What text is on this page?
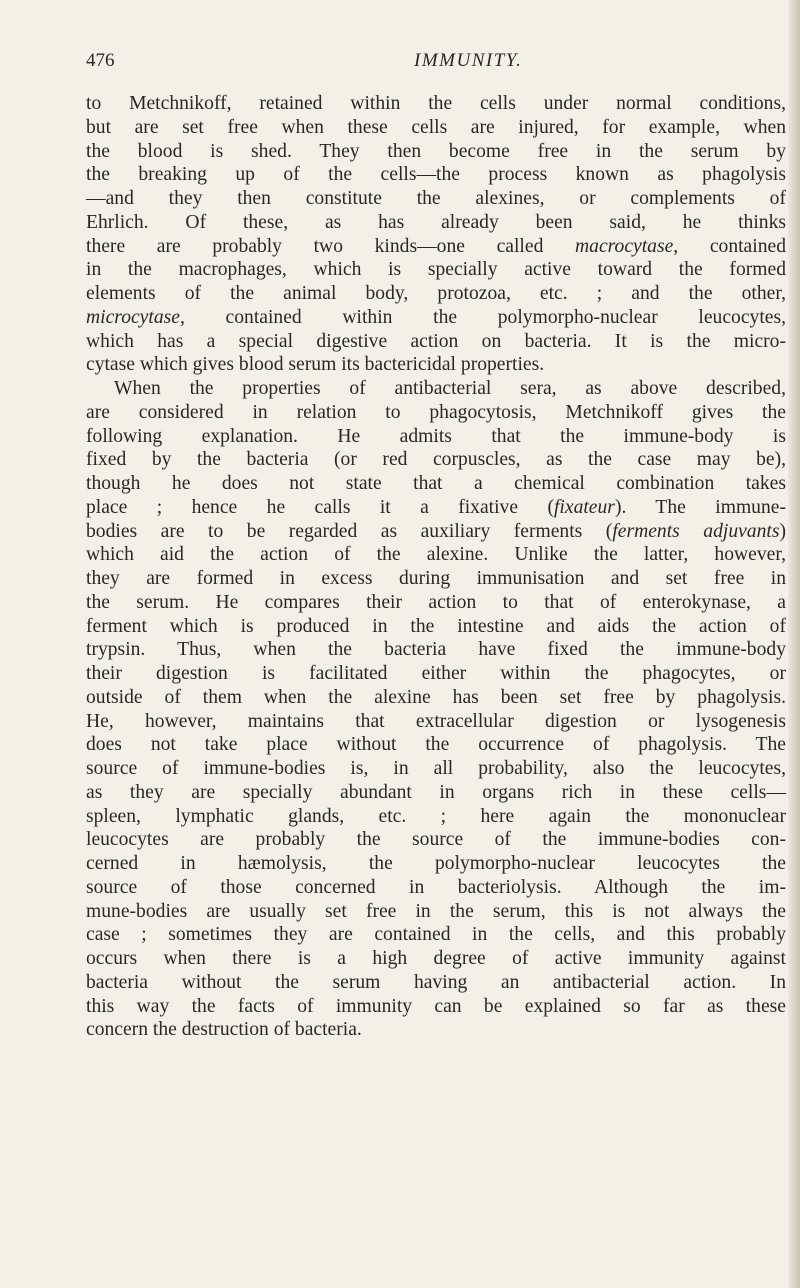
476	IMMUNITY.
to Metchnikoff, retained within the cells under normal conditions,
but are set free when these cells are injured, for example, when
the blood is shed. They then become free in the serum by
the breaking up of the cells—the process known as phagolysis
—and they then constitute the alexines, or complements of
Ehrlich. Of these, as has already been said, he thinks
there are probably two kinds—one called macrocytase, contained
in the macrophages, which is specially active toward the formed
elements of the animal body, protozoa, etc. ; and the other,
microcytase, contained within the polymorpho-nuclear leucocytes,
which has a special digestive action on bacteria. It is the micro-
cytase which gives blood serum its bactericidal properties.
When the properties of antibacterial sera, as above described,
are considered in relation to phagocytosis, Metchnikoff gives the
following explanation. He admits that the immune-body is
fixed by the bacteria (or red corpuscles, as the case may be),
though he does not state that a chemical combination takes
place ; hence he calls it a fixative (fixateur). The immune-
bodies are to be regarded as auxiliary ferments (ferments adjuvants)
which aid the action of the alexine. Unlike the latter, however,
they are formed in excess during immunisation and set free in
the serum. He compares their action to that of enterokynase, a
ferment which is produced in the intestine and aids the action of
trypsin. Thus, when the bacteria have fixed the immune-body
their digestion is facilitated either within the phagocytes, or
outside of them when the alexine has been set free by phagolysis.
He, however, maintains that extracellular digestion or lysogenesis
does not take place without the occurrence of phagolysis. The
source of immune-bodies is, in all probability, also the leucocytes,
as they are specially abundant in organs rich in these cells—
spleen, lymphatic glands, etc. ; here again the mononuclear
leucocytes are probably the source of the immune-bodies con-
cerned in hæmolysis, the polymorpho-nuclear leucocytes the
source of those concerned in bacteriolysis. Although the im-
mune-bodies are usually set free in the serum, this is not always the
case ; sometimes they are contained in the cells, and this probably
occurs when there is a high degree of active immunity against
bacteria without the serum having an antibacterial action. In
this way the facts of immunity can be explained so far as these
concern the destruction of bacteria.
